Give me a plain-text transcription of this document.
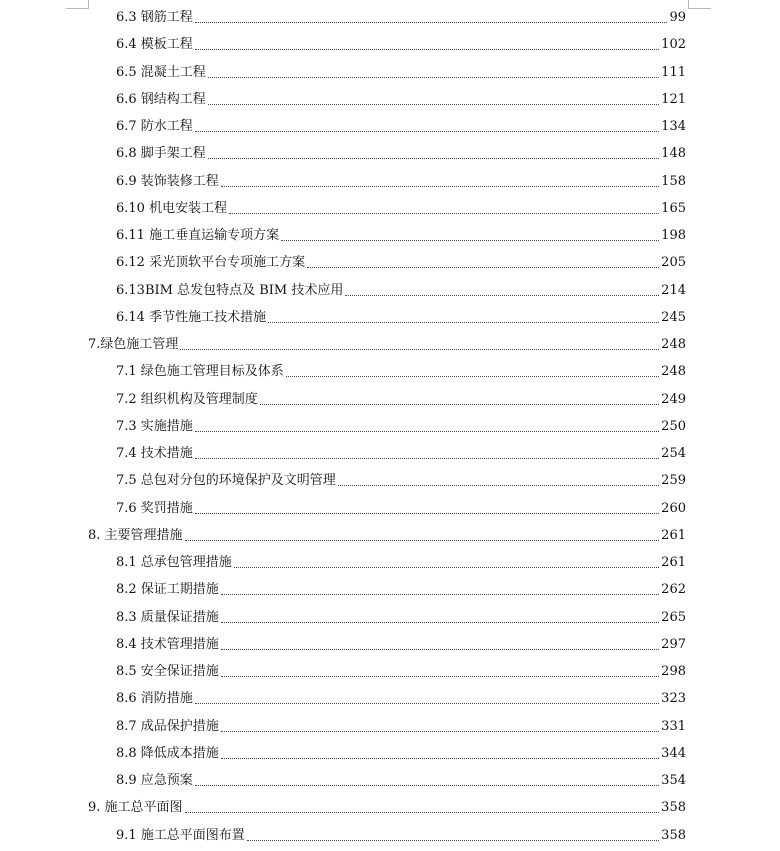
6.3 钢筋工程	99
6.4 模板工程	102
6.5 混凝土工程	111
6.6 钢结构工程	121
6.7 防水工程	134
6.8 脚手架工程	148
6.9 装饰装修工程	158
6.10 机电安装工程	165
6.11 施工垂直运输专项方案	198
6.12 采光顶软平台专项施工方案	205
6.13BIM 总发包特点及 BIM 技术应用	214
6.14 季节性施工技术措施	245
7.绿色施工管理	248
7.1 绿色施工管理目标及体系	248
7.2 组织机构及管理制度	249
7.3 实施措施	250
7.4 技术措施	254
7.5 总包对分包的环境保护及文明管理	259
7.6 奖罚措施	260
8. 主要管理措施	261
8.1 总承包管理措施	261
8.2 保证工期措施	262
8.3 质量保证措施	265
8.4 技术管理措施	297
8.5 安全保证措施	298
8.6 消防措施	323
8.7 成品保护措施	331
8.8 降低成本措施	344
8.9 应急预案	354
9. 施工总平面图	358
9.1 施工总平面图布置	358
